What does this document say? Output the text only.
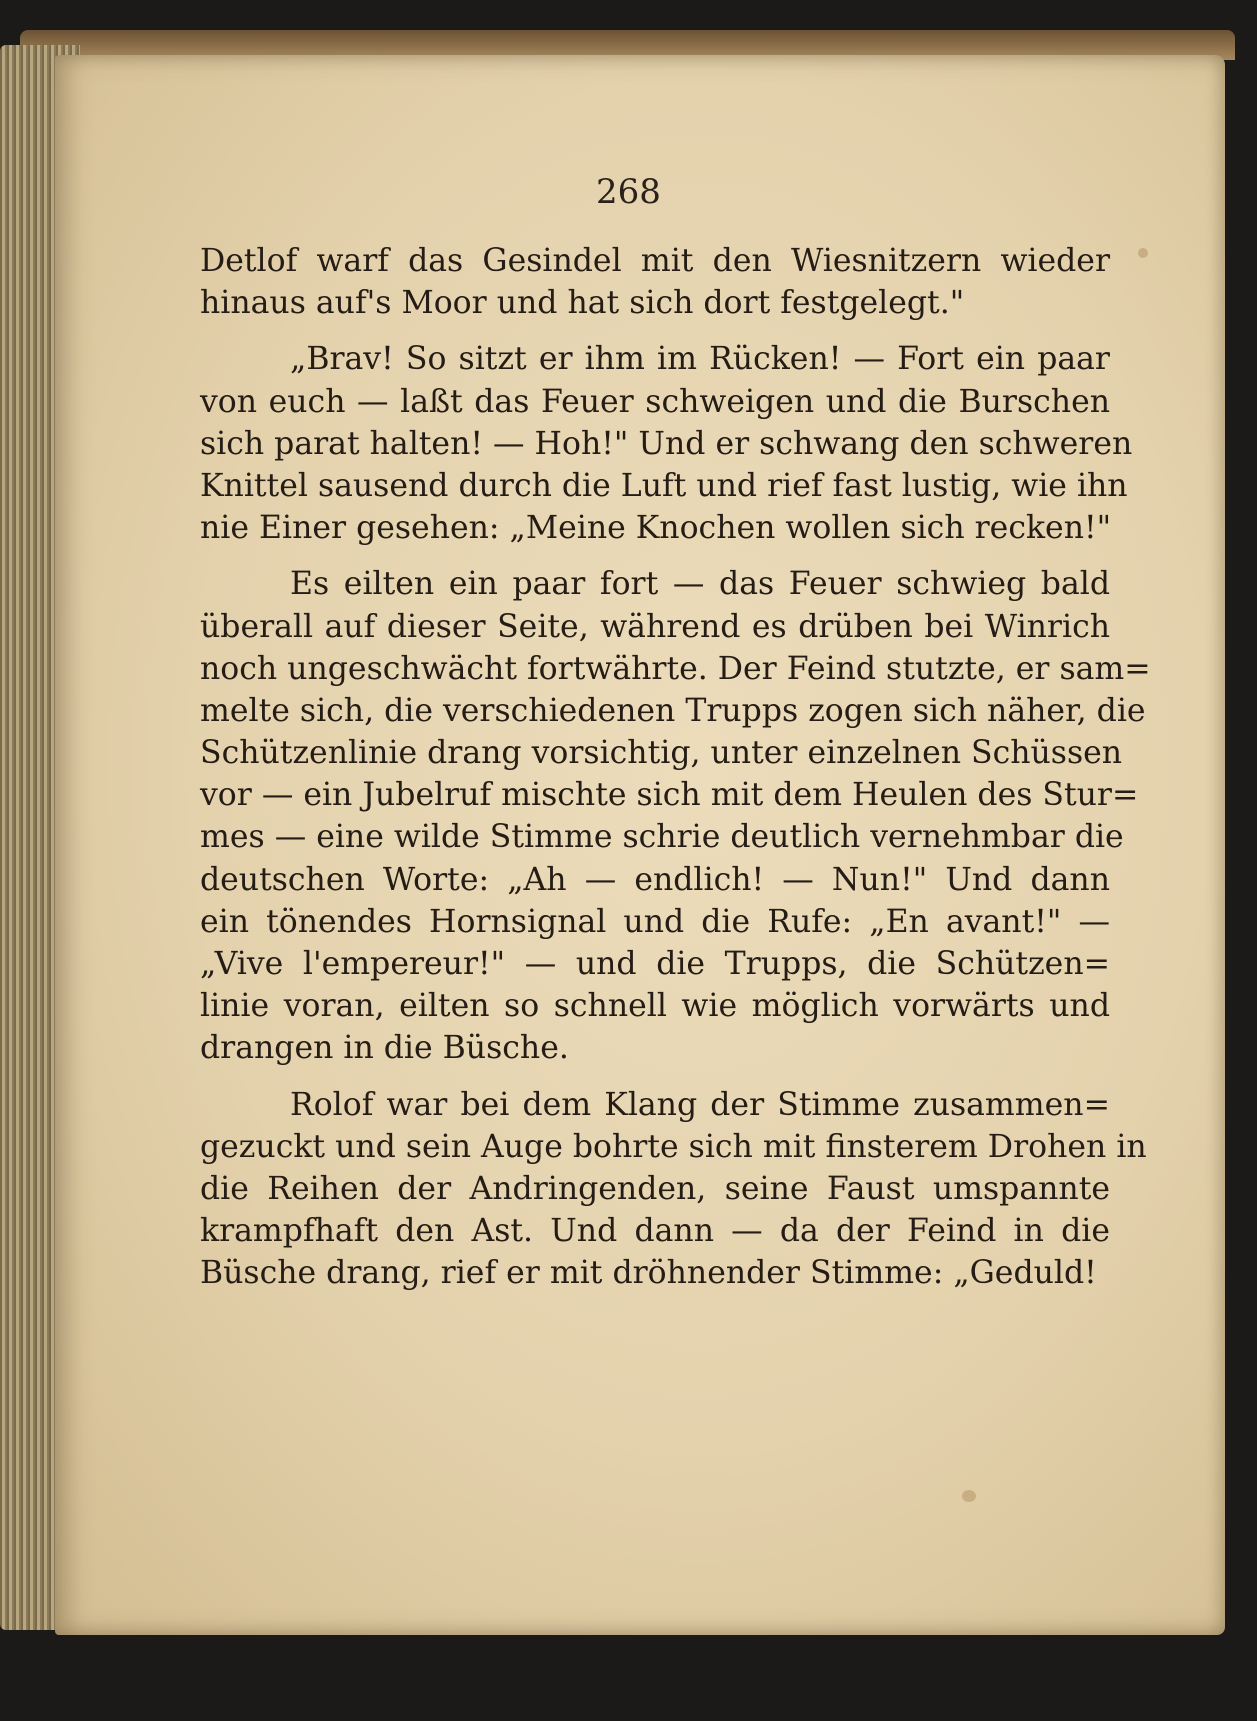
268
Detlof warf das Gesindel mit den Wiesnitzern wieder
hinaus auf's Moor und hat sich dort festgelegt."
„Brav! So sitzt er ihm im Rücken! — Fort ein paar
von euch — laßt das Feuer schweigen und die Burschen
sich parat halten! — Hoh!" Und er schwang den schweren
Knittel sausend durch die Luft und rief fast lustig, wie ihn
nie Einer gesehen: „Meine Knochen wollen sich recken!"
Es eilten ein paar fort — das Feuer schwieg bald
überall auf dieser Seite, während es drüben bei Winrich
noch ungeschwächt fortwährte. Der Feind stutzte, er sam=
melte sich, die verschiedenen Trupps zogen sich näher, die
Schützenlinie drang vorsichtig, unter einzelnen Schüssen
vor — ein Jubelruf mischte sich mit dem Heulen des Stur=
mes — eine wilde Stimme schrie deutlich vernehmbar die
deutschen Worte: „Ah — endlich! — Nun!" Und dann
ein tönendes Hornsignal und die Rufe: „En avant!" —
„Vive l'empereur!" — und die Trupps, die Schützen=
linie voran, eilten so schnell wie möglich vorwärts und
drangen in die Büsche.
Rolof war bei dem Klang der Stimme zusammen=
gezuckt und sein Auge bohrte sich mit finsterem Drohen in
die Reihen der Andringenden, seine Faust umspannte
krampfhaft den Ast. Und dann — da der Feind in die
Büsche drang, rief er mit dröhnender Stimme: „Geduld!
